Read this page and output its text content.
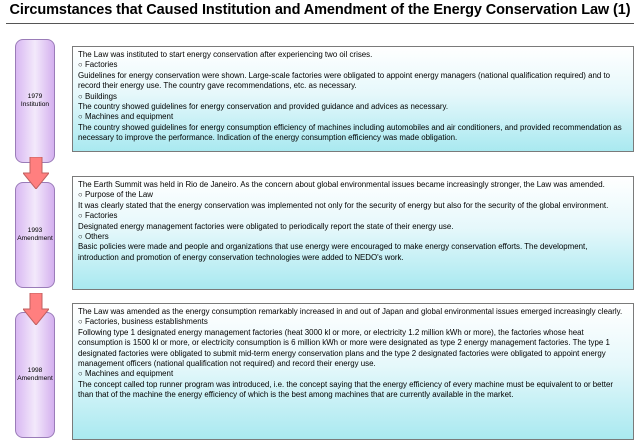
Circumstances that Caused Institution and Amendment of the Energy Conservation Law (1)
1979
Institution
1993
Amendment
1998
Amendment

The Law was instituted to start energy conservation after experiencing two oil crises.

○ Factories

Guidelines for energy conservation were shown. Large-scale factories were obligated to appoint energy managers (national qualification required) and to record their energy use. The country gave recommendations, etc. as necessary.

○ Buildings

The country showed guidelines for energy conservation and provided guidance and advices as necessary.

○ Machines and equipment

The country showed guidelines for energy consumption efficiency of machines including automobiles and air conditioners, and provided recommendation as necessary to improve the performance. Indication of the energy consumption efficiency was made obligation.

The Earth Summit was held in Rio de Janeiro. As the concern about global environmental issues became increasingly stronger, the Law was amended.

○ Purpose of the Law

It was clearly stated that the energy conservation was implemented not only for the security of energy but also for the security of the global environment.

○ Factories

Designated energy management factories were obligated to periodically report the state of their energy use.

○ Others

Basic policies were made and people and organizations that use energy were encouraged to make energy conservation efforts. The development, introduction and promotion of energy conservation technologies were added to NEDO's work.

The Law was amended as the energy consumption remarkably increased in and out of Japan and global environmental issues emerged increasingly clearly.

○ Factories, business establishments

Following type 1 designated energy management factories (heat 3000 kl or more, or electricity 1.2 million kWh or more), the factories whose heat consumption is 1500 kl or more, or electricity consumption is 6 million kWh or more were designated as type 2 energy management factories. The type 1 designated factories were obligated to submit mid-term energy conservation plans and the type 2 designated factories were obligated to appoint energy management officers (national qualification not required) and record their energy use.

○ Machines and equipment

The concept called top runner program was introduced, i.e. the concept saying that the energy efficiency of every machine must be equivalent to or better than that of the machine the energy efficiency of which is the best among machines that are currently available in the market.
